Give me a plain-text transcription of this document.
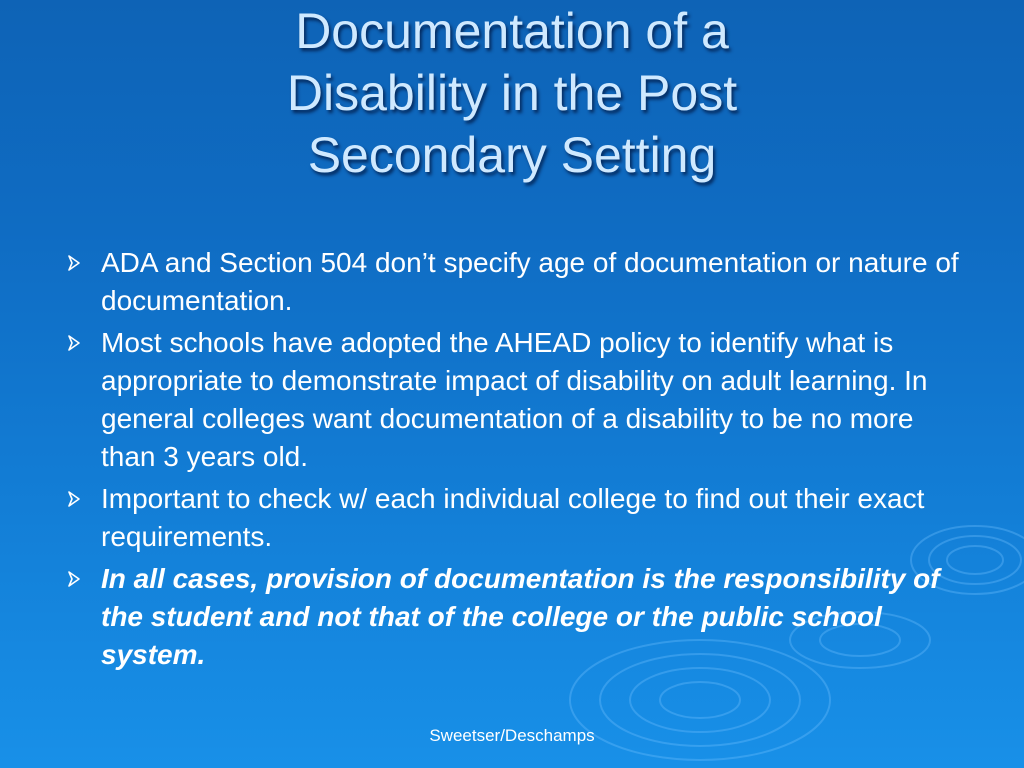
Documentation of a
Disability in the Post
Secondary Setting
ADA and Section 504 don’t specify age of documentation or nature of documentation.
Most schools have adopted the AHEAD policy to identify what is appropriate to demonstrate impact of disability on adult learning. In general colleges want documentation of a disability to be no more than 3 years old.
Important to check w/ each individual college to find out their exact requirements.
In all cases, provision of documentation is the responsibility of the student and not that of the college or the public school system.
Sweetser/Deschamps
